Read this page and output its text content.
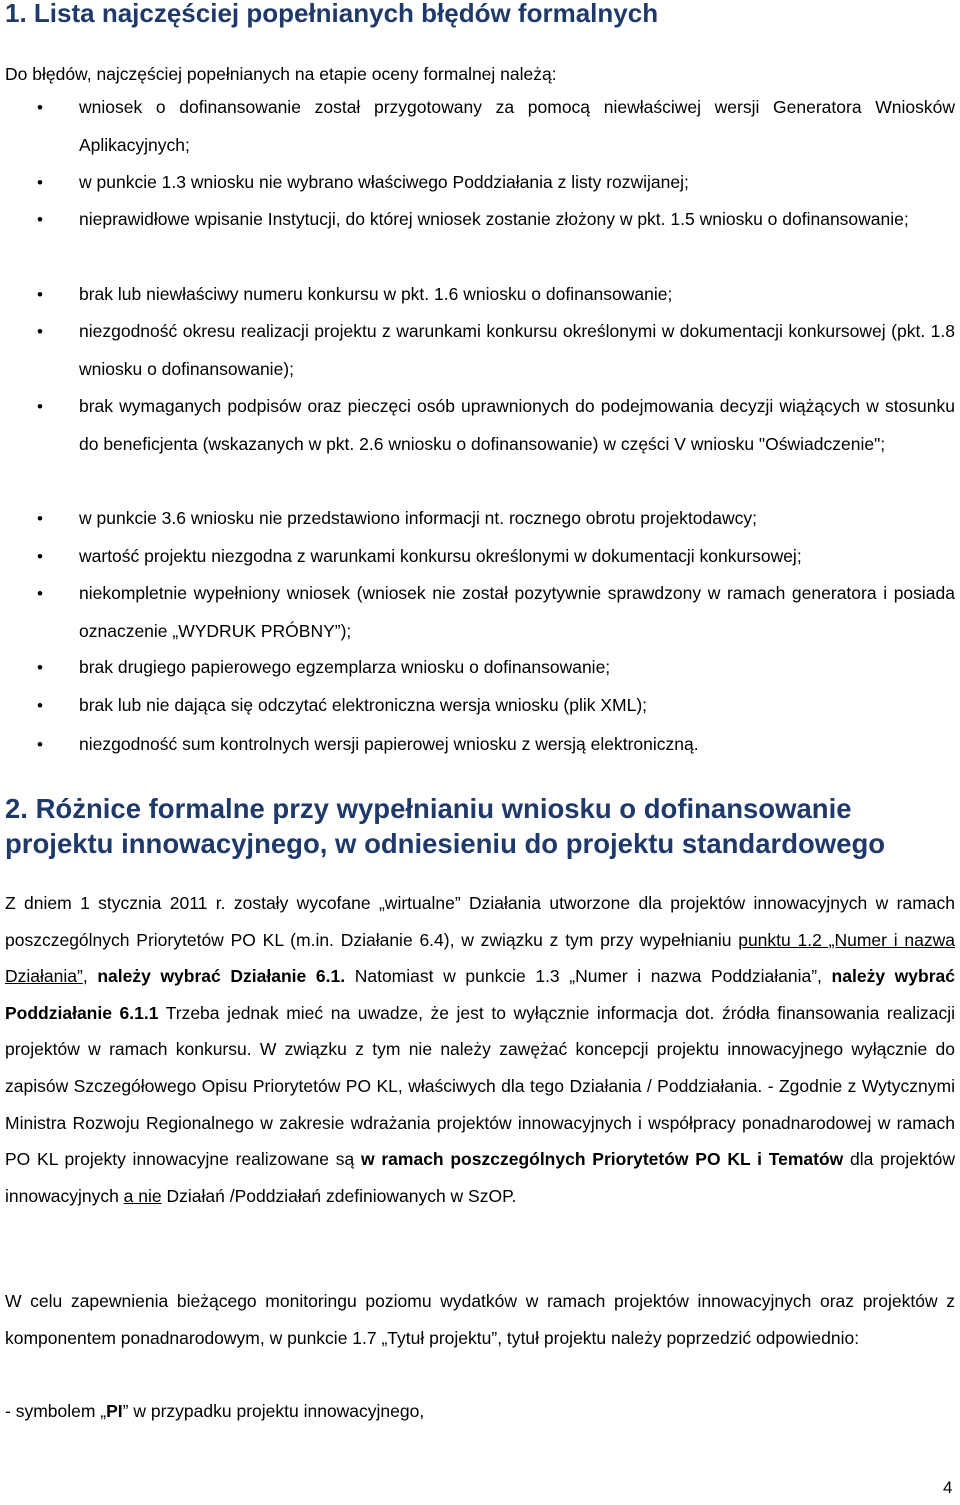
1. Lista najczęściej popełnianych błędów formalnych
Do błędów, najczęściej popełnianych na etapie oceny formalnej należą:
• wniosek o dofinansowanie został przygotowany za pomocą niewłaściwej wersji Generatora Wniosków Aplikacyjnych;
• w punkcie 1.3 wniosku nie wybrano właściwego Poddziałania z listy rozwijanej;
• nieprawidłowe wpisanie Instytucji, do której wniosek zostanie złożony w pkt. 1.5 wniosku o dofinansowanie;
• brak lub niewłaściwy numeru konkursu w pkt. 1.6 wniosku o dofinansowanie;
• niezgodność okresu realizacji projektu z warunkami konkursu określonymi w dokumentacji konkursowej (pkt. 1.8 wniosku o dofinansowanie);
• brak wymaganych podpisów oraz pieczęci osób uprawnionych do podejmowania decyzji wiążących w stosunku do beneficjenta (wskazanych w pkt. 2.6 wniosku o dofinansowanie) w części V wniosku "Oświadczenie";
• w punkcie 3.6 wniosku nie przedstawiono informacji nt. rocznego obrotu projektodawcy;
• wartość projektu niezgodna z warunkami konkursu określonymi w dokumentacji konkursowej;
• niekompletnie wypełniony wniosek (wniosek nie został pozytywnie sprawdzony w ramach generatora i posiada oznaczenie „WYDRUK PRÓBNY”);
• brak drugiego papierowego egzemplarza wniosku o dofinansowanie;
• brak lub nie dająca się odczytać elektroniczna wersja wniosku (plik XML);
• niezgodność sum kontrolnych wersji papierowej wniosku z wersją elektroniczną.
2. Różnice formalne przy wypełnianiu wniosku o dofinansowanie projektu innowacyjnego, w odniesieniu do projektu standardowego
Z dniem 1 stycznia 2011 r. zostały wycofane „wirtualne” Działania utworzone dla projektów innowacyjnych w ramach poszczególnych Priorytetów PO KL (m.in. Działanie 6.4), w związku z tym przy wypełnianiu punktu 1.2 „Numer i nazwa Działania”, należy wybrać Działanie 6.1. Natomiast w punkcie 1.3 „Numer i nazwa Poddziałania”, należy wybrać Poddziałanie 6.1.1 Trzeba jednak mieć na uwadze, że jest to wyłącznie informacja dot. źródła finansowania realizacji projektów w ramach konkursu. W związku z tym nie należy zawężać koncepcji projektu innowacyjnego wyłącznie do zapisów Szczegółowego Opisu Priorytetów PO KL, właściwych dla tego Działania / Poddziałania. - Zgodnie z Wytycznymi Ministra Rozwoju Regionalnego w zakresie wdrażania projektów innowacyjnych i współpracy ponadnarodowej w ramach PO KL projekty innowacyjne realizowane są w ramach poszczególnych Priorytetów PO KL i Tematów dla projektów innowacyjnych a nie Działań /Poddziałań zdefiniowanych w SzOP.
W celu zapewnienia bieżącego monitoringu poziomu wydatków w ramach projektów innowacyjnych oraz projektów z komponentem ponadnarodowym, w punkcie 1.7 „Tytuł projektu”, tytuł projektu należy poprzedzić odpowiednio:
- symbolem „PI” w przypadku projektu innowacyjnego,
4
